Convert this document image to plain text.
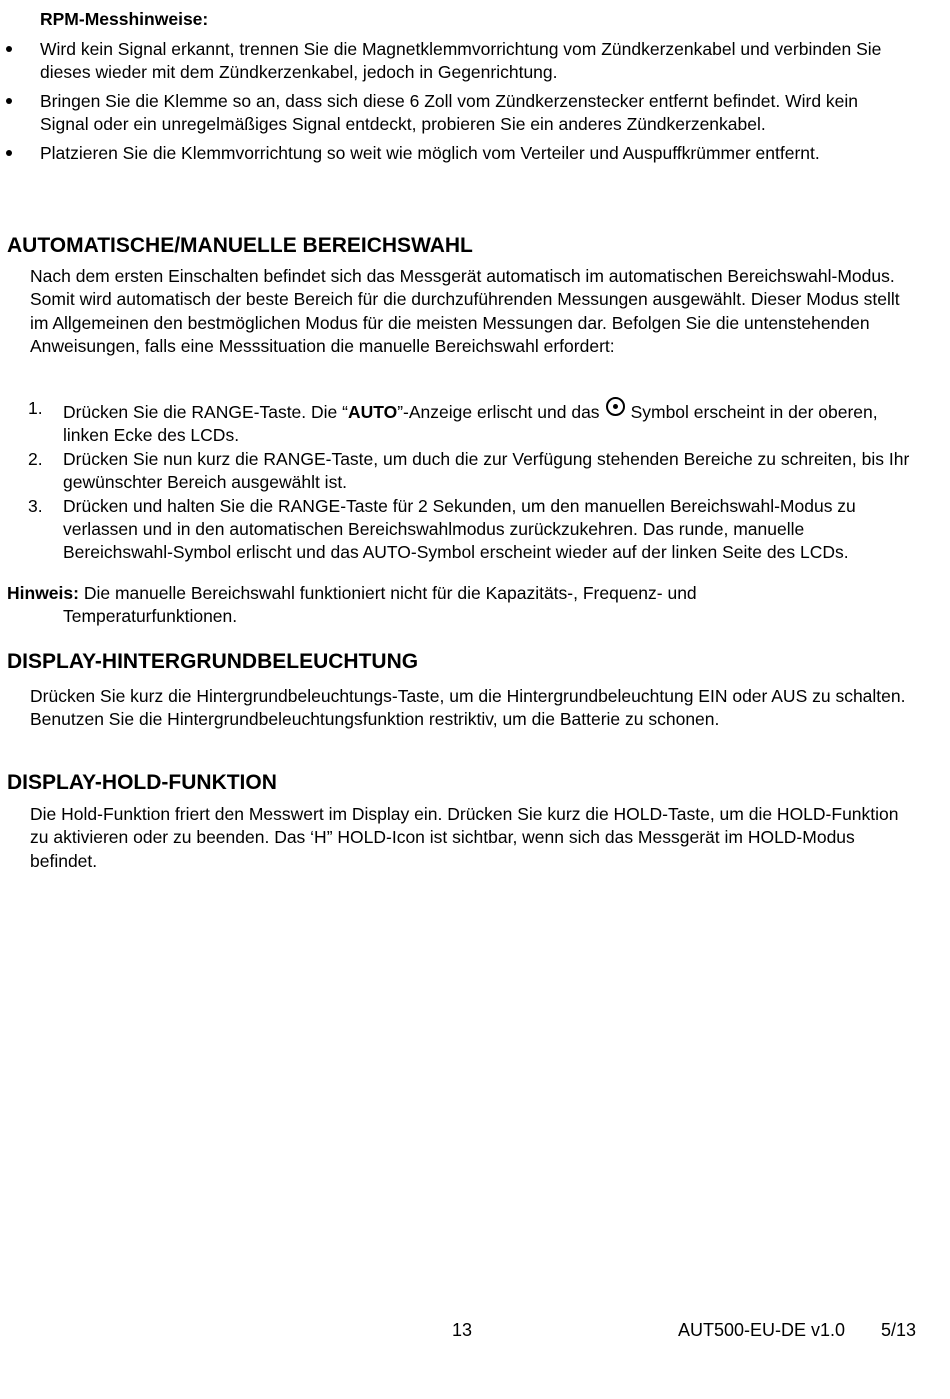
RPM-Messhinweise:
Wird kein Signal erkannt, trennen Sie die Magnetklemmvorrichtung vom Zündkerzenkabel und verbinden Sie dieses wieder mit dem Zündkerzenkabel, jedoch in Gegenrichtung.
Bringen Sie die Klemme so an, dass sich diese 6 Zoll vom Zündkerzenstecker entfernt befindet. Wird kein Signal oder ein unregelmäßiges Signal entdeckt, probieren Sie ein anderes Zündkerzenkabel.
Platzieren Sie die Klemmvorrichtung so weit wie möglich vom Verteiler und Auspuffkrümmer entfernt.
AUTOMATISCHE/MANUELLE BEREICHSWAHL

Nach dem ersten Einschalten befindet sich das Messgerät automatisch im automatischen Bereichswahl-Modus. Somit wird automatisch der beste Bereich für die durchzuführenden Messungen ausgewählt. Dieser Modus stellt im Allgemeinen den bestmöglichen Modus für die meisten Messungen dar. Befolgen Sie die untenstehenden Anweisungen, falls eine Messsituation die manuelle Bereichswahl erfordert:

1. Drücken Sie die RANGE-Taste. Die “AUTO”-Anzeige erlischt und das Symbol erscheint in der oberen, linken Ecke des LCDs.
2. Drücken Sie nun kurz die RANGE-Taste, um duch die zur Verfügung stehenden Bereiche zu schreiten, bis Ihr gewünschter Bereich ausgewählt ist.
3. Drücken und halten Sie die RANGE-Taste für 2 Sekunden, um den manuellen Bereichswahl-Modus zu verlassen und in den automatischen Bereichswahlmodus zurückzukehren. Das runde, manuelle Bereichswahl-Symbol erlischt und das AUTO-Symbol erscheint wieder auf der linken Seite des LCDs.
Hinweis: Die manuelle Bereichswahl funktioniert nicht für die Kapazitäts-, Frequenz- und
Temperaturfunktionen.
DISPLAY-HINTERGRUNDBELEUCHTUNG

Drücken Sie kurz die Hintergrundbeleuchtungs-Taste, um die Hintergrundbeleuchtung EIN oder AUS zu schalten. Benutzen Sie die Hintergrundbeleuchtungsfunktion restriktiv, um die Batterie zu schonen.

DISPLAY-HOLD-FUNKTION

Die Hold-Funktion friert den Messwert im Display ein. Drücken Sie kurz die HOLD-Taste, um die HOLD-Funktion zu aktivieren oder zu beenden. Das ‘H” HOLD-Icon ist sichtbar, wenn sich das Messgerät im HOLD-Modus befindet.

13	AUT500-EU-DE v1.0 5/13
